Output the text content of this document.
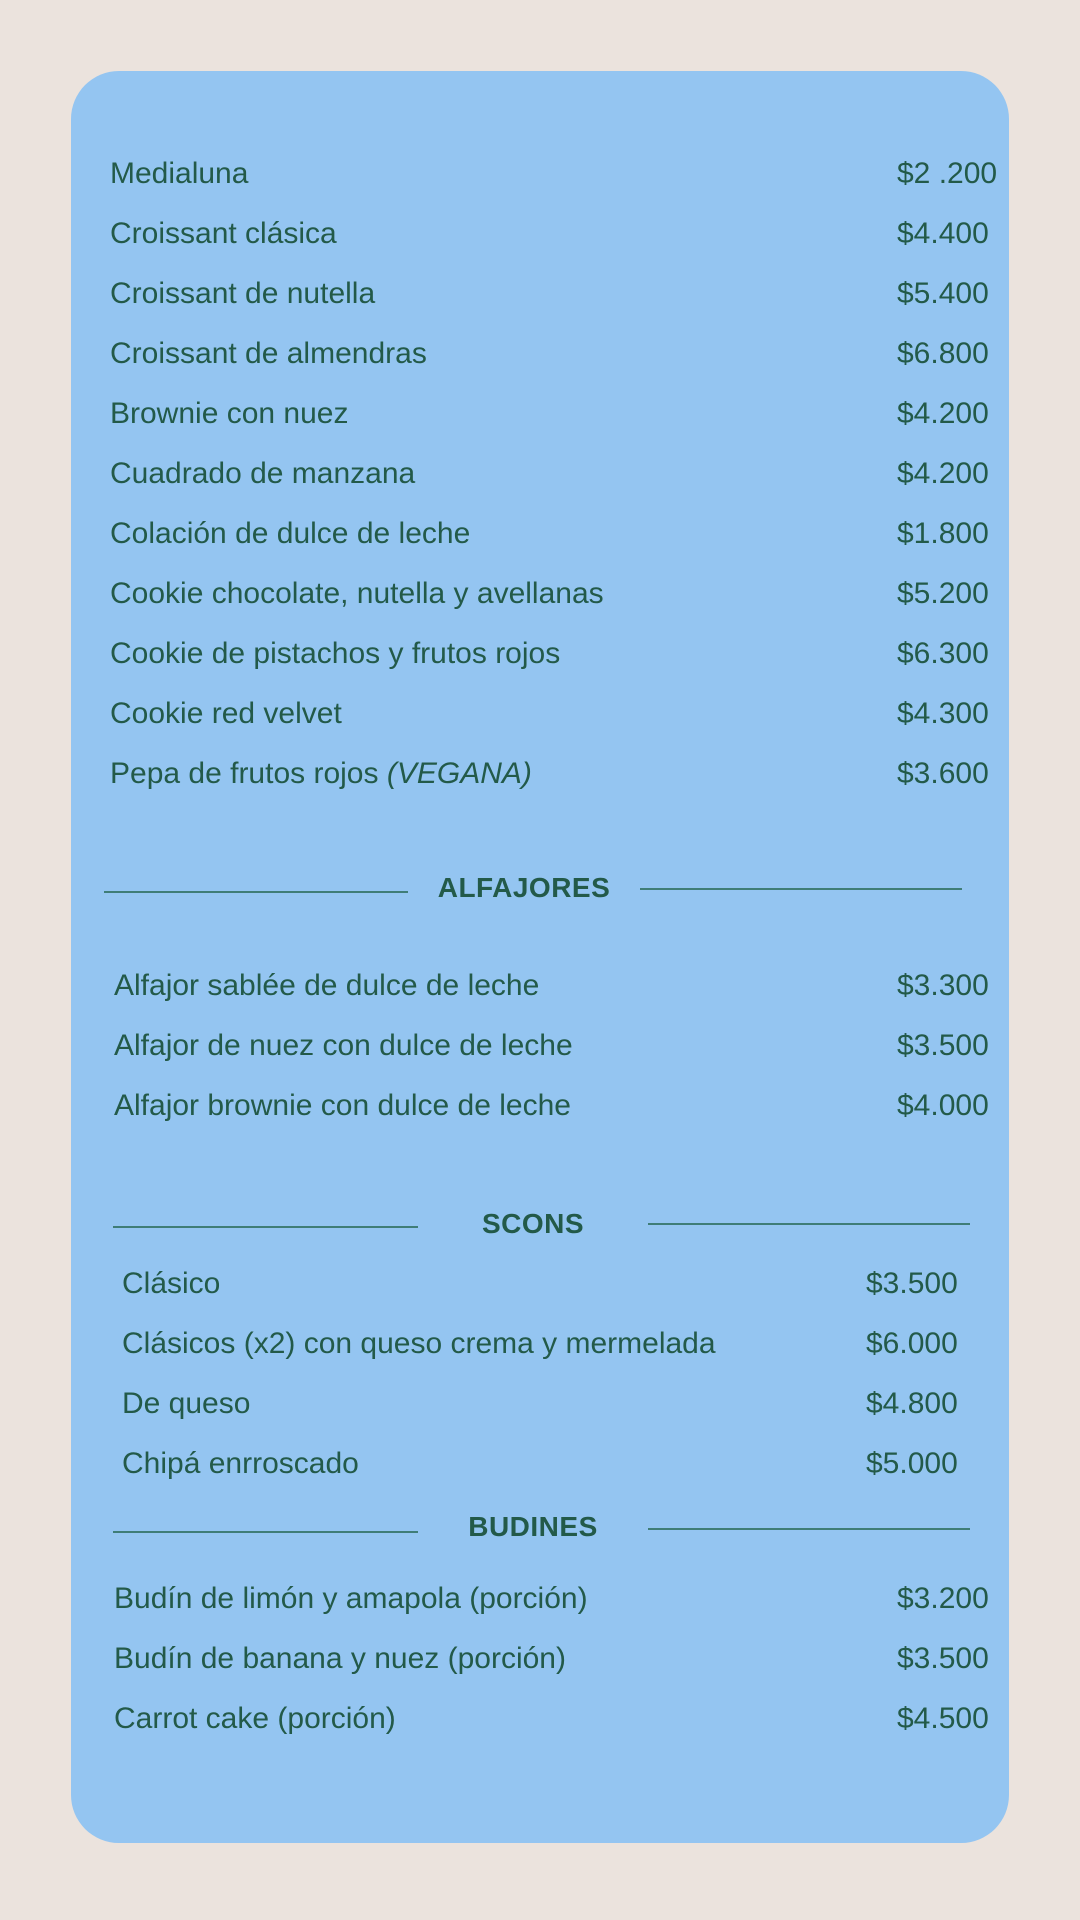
Medialuna	$2 .200
Croissant clásica	$4.400
Croissant de nutella	$5.400
Croissant de almendras	$6.800
Brownie con nuez	$4.200
Cuadrado de manzana	$4.200
Colación de dulce de leche	$1.800
Cookie chocolate, nutella y avellanas	$5.200
Cookie de pistachos y frutos rojos	$6.300
Cookie red velvet	$4.300
Pepa de frutos rojos (VEGANA)	$3.600
ALFAJORES
Alfajor sablée de dulce de leche	$3.300
Alfajor de nuez con dulce de leche	$3.500
Alfajor brownie con dulce de leche	$4.000
SCONS
Clásico	$3.500
Clásicos (x2) con queso crema y mermelada	$6.000
De queso	$4.800
Chipá enrroscado	$5.000
BUDINES
Budín de limón y amapola (porción)	$3.200
Budín de banana y nuez (porción)	$3.500
Carrot cake (porción)	$4.500
